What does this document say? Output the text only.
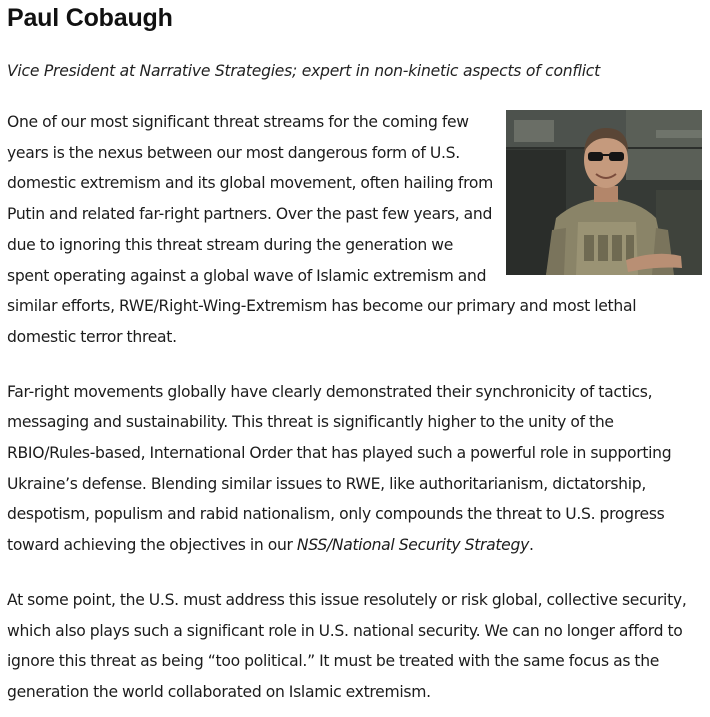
Paul Cobaugh

Vice President at Narrative Strategies; expert in non-kinetic aspects of conflict

One of our most significant threat streams for the coming few years is the nexus between our most dangerous form of U.S. domestic extremism and its global movement, often hailing from Putin and related far-right partners. Over the past few years, and due to ignoring this threat stream during the generation we spent operating against a global wave of Islamic extremism and similar efforts, RWE/Right-Wing-Extremism has become our primary and most lethal domestic terror threat.

Far-right movements globally have clearly demonstrated their synchronicity of tactics, messaging and sustainability. This threat is significantly higher to the unity of the RBIO/Rules-based, International Order that has played such a powerful role in supporting Ukraine’s defense. Blending similar issues to RWE, like authoritarianism, dictatorship, despotism, populism and rabid nationalism, only compounds the threat to U.S. progress toward achieving the objectives in our NSS/National Security Strategy.

At some point, the U.S. must address this issue resolutely or risk global, collective security, which also plays such a significant role in U.S. national security. We can no longer afford to ignore this threat as being “too political.” It must be treated with the same focus as the generation the world collaborated on Islamic extremism.
